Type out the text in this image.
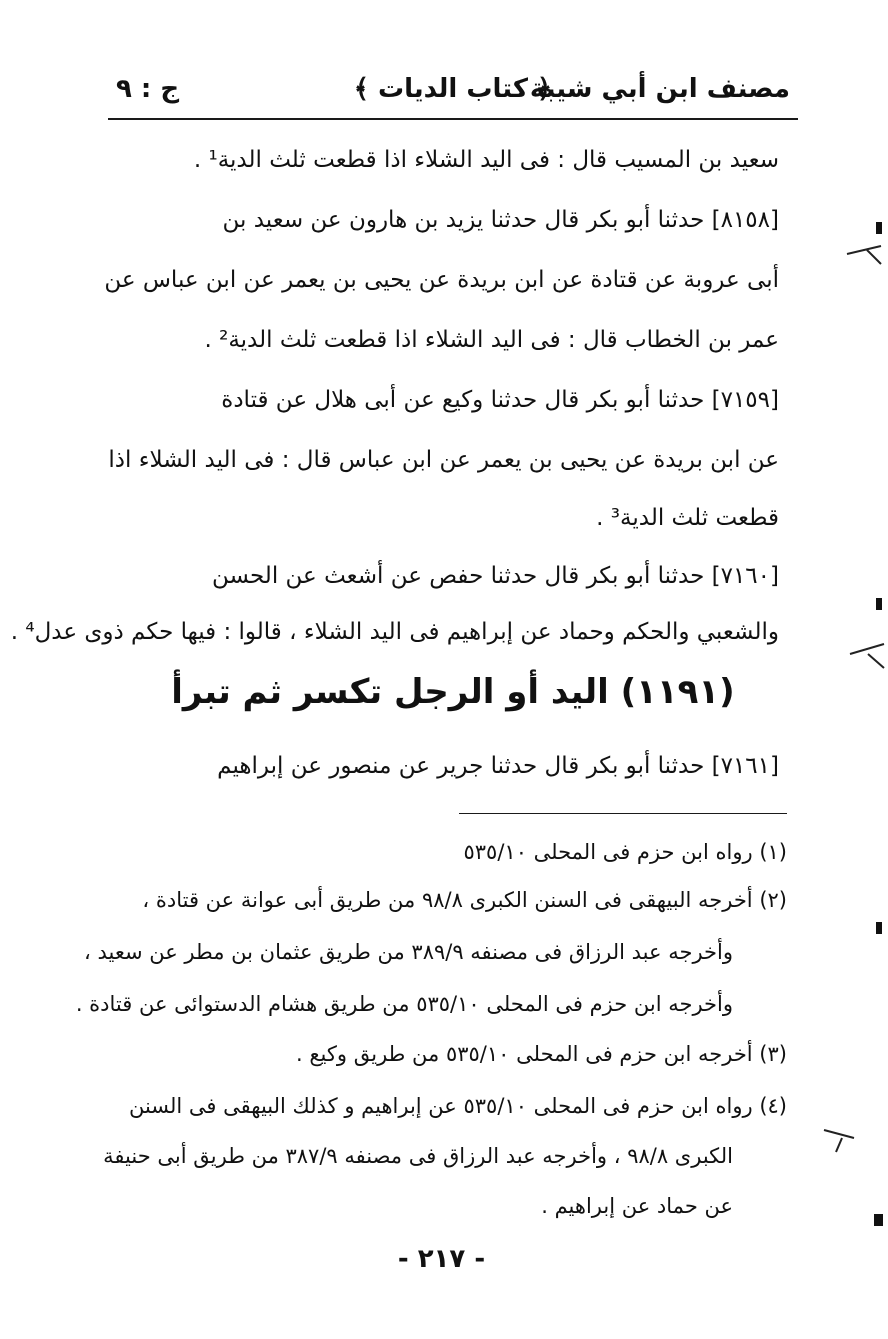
مصنف ابن أبي شيبة
﴿ كتاب الديات ﴾
ج : ٩
سعيد بن المسيب قال : فى اليد الشلاء اذا قطعت ثلث الدية¹ .
[٨١٥٨] حدثنا أبو بكر قال حدثنا يزيد بن هارون عن سعيد بن
أبى عروبة عن قتادة عن ابن بريدة عن يحيى بن يعمر عن ابن عباس عن
عمر بن الخطاب قال : فى اليد الشلاء اذا قطعت ثلث الدية² .
[٧١٥٩] حدثنا أبو بكر قال حدثنا وكيع عن أبى هلال عن قتادة
عن ابن بريدة عن يحيى بن يعمر عن ابن عباس قال : فى اليد الشلاء اذا
قطعت ثلث الدية³ .
[٧١٦٠] حدثنا أبو بكر قال حدثنا حفص عن أشعث عن الحسن
والشعبي والحكم وحماد عن إبراهيم فى اليد الشلاء ، قالوا : فيها حكم ذوى عدل⁴ .
[٧١٦١] حدثنا أبو بكر قال حدثنا جرير عن منصور عن إبراهيم
(١١٩١) اليد أو الرجل تكسر ثم تبرأ
(١) رواه ابن حزم فى المحلى ٥٣٥/١٠
(٢) أخرجه البيهقى فى السنن الكبرى ٩٨/٨ من طريق أبى عوانة عن قتادة ،
وأخرجه عبد الرزاق فى مصنفه ٣٨٩/٩ من طريق عثمان بن مطر عن سعيد ،
وأخرجه ابن حزم فى المحلى ٥٣٥/١٠ من طريق هشام الدستوائى عن قتادة .
(٣) أخرجه ابن حزم فى المحلى ٥٣٥/١٠ من طريق وكيع .
(٤) رواه ابن حزم فى المحلى ٥٣٥/١٠ عن إبراهيم و كذلك البيهقى فى السنن
الكبرى ٩٨/٨ ، وأخرجه عبد الرزاق فى مصنفه ٣٨٧/٩ من طريق أبى حنيفة
عن حماد عن إبراهيم .
- ٢١٧ -
